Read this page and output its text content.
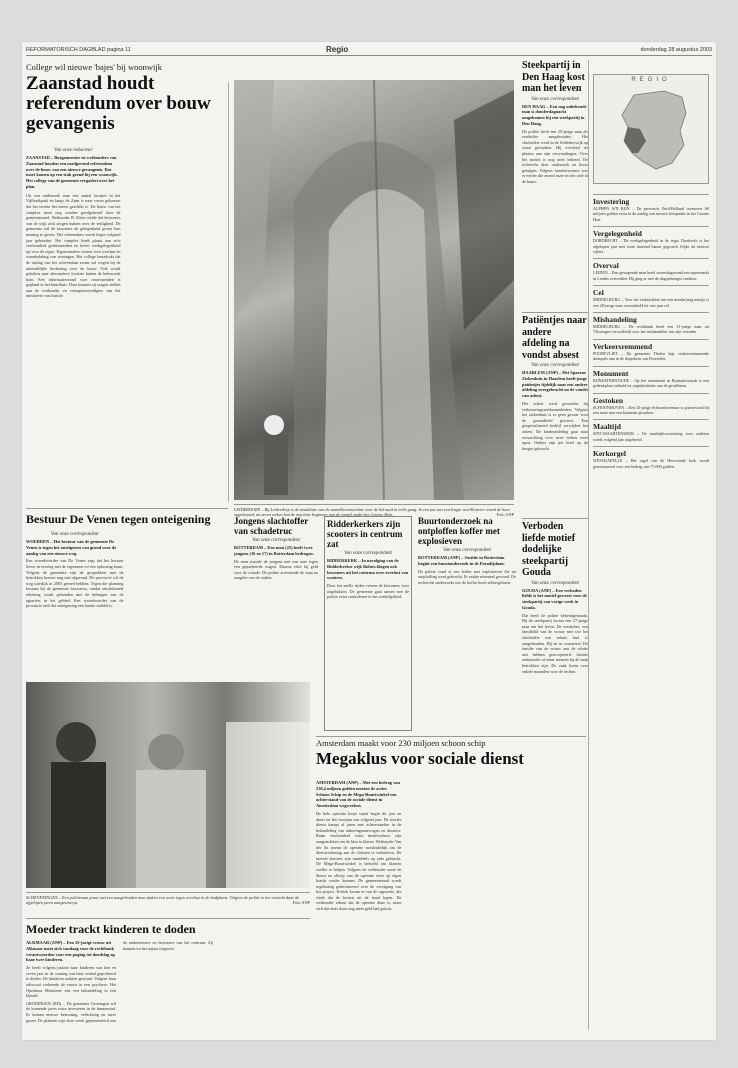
REFORMATORISCH DAGBLAD pagina 11	Regio	donderdag 28 augustus 2003
College wil nieuwe 'bajes' bij woonwijk
Zaanstad houdt referendum over bouw gevangenis
Van onze redacteur

ZAANSTAD – Burgemeester en wethouders van Zaanstad houden een raadgevend referendum over de bouw van een nieuwe gevangenis. Dat moet komen op een stuk grond bij een woonwijk. Het college van de gemeente vergadert over het plan.

Uit een onderzoek naar een aantal locaties in het Vijfhoekpark en langs de Zaan is naar voren gekomen dat het terrein het meest geschikt is. De bouw van het complex moet nog worden goedgekeurd door de gemeenteraad. Wethouder R. Klein stelde dat bewoners van de wijk zich zorgen maken over de veiligheid. De gemeente wil de inwoners de gelegenheid geven hun mening te geven. Het referendum wordt begin volgend jaar gehouden. Het complex biedt plaats aan zo'n vierhonderd gedetineerden en levert werkgelegenheid op voor de regio. Tegenstanders vrezen voor overlast en waardedaling van woningen. Het college benadrukt dat de uitslag van het referendum zwaar zal wegen bij de uiteindelijke beslissing over de bouw. Ook wordt gekeken naar alternatieve locaties buiten de bebouwde kom. Een informatieavond voor omwonenden is gepland in het buurthuis. Daar kunnen zij vragen stellen aan de wethouder en vertegenwoordigers van het ministerie van Justitie.

LEIDERDORP – Bij Leiderdorp is de installatie van de tunnelboormachine voor de hsl-zuid in volle gang. In een put met een lengte van 80 meter wordt de boor opgebouwd, na zeven weken kan de machine beginnen aan de tunnel onder het Groene Hart.	Foto ANP
Steekpartij in Den Haag kost man het leven
Van onze correspondent

DEN HAAG – Een nog onbekende man is donderdagnacht omgekomen bij een steekpartij in Den Haag.

De politie heeft een 25-jarige man als verdachte aangehouden. Het slachtoffer werd in de Schilderswijk op straat gevonden. Hij overleed ter plaatse aan zijn verwondingen. Over het motief is nog niets bekend. De recherche doet onderzoek en hoort getuigen. Volgens buurtbewoners was er eerder die avond ruzie in een café in de buurt.

Patiëntjes naar andere afdeling na vondst absest
Van onze correspondent

HAARLEM (ANP) – Het Spaarne Ziekenhuis in Haarlem heeft jonge patiëntjes tijdelijk naar een andere afdeling overgebracht na de vondst van asbest.

Het asbest werd gevonden bij verbouwingswerkzaamheden. Volgens het ziekenhuis is er geen gevaar voor de gezondheid geweest. Een gespecialiseerd bedrijf verwijdert het asbest. De kinderafdeling gaat naar verwachting over twee weken weer open. Ouders zijn per brief op de hoogte gebracht.

Verboden liefde motief dodelijke steekpartij Gouda
Van onze correspondent

GOUDA (ANP) – Een verboden liefde is het motief geweest voor de steekpartij van vorige week in Gouda.

Dat heeft de politie bekendgemaakt. Bij de steekpartij kwam een 27-jarige man om het leven. De verdachte, een familielid van de vrouw met wie het slachtoffer een relatie had, is aangehouden. Hij zit in voorarrest. De familie van de vrouw zou de relatie niet hebben geaccepteerd. Justitie onderzoekt of meer mensen bij de zaak betrokken zijn. De zaak komt over enkele maanden voor de rechter.

REGIO
Investering

ALPHEN A/D RIJN – De provincie Zuid-Holland investeert 60 miljoen gulden extra in de aanleg van nieuwe fietspaden in het Groene Hart.

Vergelegenheid

DORDRECHT – De werkgelegenheid in de regio Dordrecht is het afgelopen jaar met ruim duizend banen gegroeid, blijkt uit nieuwe cijfers.

Overval

LEIDEN – Een gewapende man heeft woensdagavond een supermarkt in Leiden overvallen. Hij ging er met de dagopbrengst vandoor.

Cel

MIDDELBURG – Voor het verkrachten van een minderjarig meisje is een 28-jarige man veroordeeld tot vier jaar cel.

Mishandeling

MIDDELBURG – De rechtbank heeft een 31-jarige man uit Vlissingen veroordeeld voor het mishandelen van zijn vriendin.

Verkeersremmend

POORTVLIET – De gemeente Tholen legt verkeersremmende drempels aan in de dorpskern van Poortvliet.

Monument

RIJNSATERWOUDE – Op het monument in Rijnsaterwoude is een gedenkplaat onthuld ter nagedachtenis aan de gevallenen.

Gestoken

SCHOONHOVEN – Een 33-jarige Schoonhovenaar is gisteravond bij een ruzie met een buurman gestoken.

Maaltijd

SINT-MAARTENSDIJK – De maaltijdvoorziening voor ouderen wordt volgend jaar uitgebreid.

Kerkorgel

WESTKAPELLE – Het orgel van de Hervormde kerk wordt gerestaureerd voor een bedrag van 75.000 gulden.

Bestuur De Venen tegen onteigening
Van onze correspondent

WOERDEN – Het bestuur van de gemeente De Venen is tegen het onteigenen van grond voor de aanleg van een nieuwe weg.

Een woordvoerder van De Venen zegt dat het bestuur liever in overleg met de eigenaren tot een oplossing komt. Volgens de gemeente zijn de gesprekken met de betrokken boeren nog niet afgerond. De provincie wil de weg uiterlijk in 2005 gereed hebben. Tegen die planning bestaan bij de gemeente bezwaren, omdat onvoldoende rekening wordt gehouden met de belangen van de agrariërs in het gebied. Een woordvoerder van de provincie stelt dat onteigening een laatste middel is.

Jongens slachtoffer van schadetruc
Van onze correspondent

ROTTERDAM – Een man (25) heeft twee jongens (16 en 17) in Rotterdam bedrogen.

De man stuurde de jongens met een auto tegen een geparkeerde wagen. Daarna eiste hij geld voor de schade. De politie arresteerde de man na aangifte van de ouders.

Ridderkerkers zijn scooters in centrum zat
Van onze correspondent

RIDDERKERK – In navolging van de Ridderkerkse wijk Bolnes klagen ook bewoners uit het centrum over overlast van scooters.

Door het snelle rijden vrezen de bewoners voor ongelukken. De gemeente gaat samen met de politie extra controleren in het winkelgebied.

Buurtonderzoek na ontploffen koffer met explosieven
Van onze correspondent

ROTTERDAM (ANP) – Justitie in Rotterdam begint een buurtonderzoek in de Paradijslaan.

De politie vond er een koffer met explosieven die tot ontploffing werd gebracht. Er raakte niemand gewond. De recherche onderzoekt wie de koffer heeft achtergelaten.

SCHEVENINGEN – Een politieman praat met een aangehouden man tijdens een actie tegen overlast in de badplaats. Volgens de politie is het toezicht daar de afgelopen jaren aangescherpt.	Foto ANP
Amsterdam maakt voor 230 miljoen schoon schip
Megaklus voor sociale dienst

AMSTERDAM (ANP) – Met een bedrag van 230,4 miljoen gulden moeten de acties Schoon Schip en de Mega-Buurtwinkel een achterstand van de sociale dienst in Amsterdam wegwerken.

De hele operatie loopt vanaf begin dit jaar en duurt tot het voorjaar van volgend jaar. De sociale dienst kampt al jaren met achterstanden in de behandeling van uitkeringsaanvragen en dossiers. Ruim vierhonderd extra medewerkers zijn aangetrokken om de klus te klaren. Wethouder Van der Aa noemt de operatie noodzakelijk om de dienstverlening aan de cliënten te verbeteren. De meeste dossiers zijn inmiddels op orde gebracht. De Mega-Buurtwinkel is bedoeld om klanten sneller te helpen. Volgens de wethouder moet de dienst na afloop van de operatie weer op eigen kracht verder kunnen. De gemeenteraad wordt regelmatig geïnformeerd over de voortgang van het project. Kritiek kwam er van de oppositie, die vindt dat de kosten uit de hand lopen. De wethouder erkent dat de operatie duur is, maar stelt dat niets doen nog meer geld had gekost.

Moeder trackt kinderen te doden

ALKMAAR (ANP) – Een 35-jarige vrouw uit Alkmaar moet zich vandaag voor de rechtbank verantwoorden voor een poging tot doodslag op haar twee kinderen.

Ze heeft volgens justitie haar kinderen van tien en zeven jaar in de woning van haar vriend geprobeerd te doden. De kinderen raakten gewond. Volgens haar advocaat verkeerde de vrouw in een psychose. Het Openbaar Ministerie eist een behandeling in een kliniek.

GRONINGEN (RD) – De gemeente Groningen wil de komende jaren extra investeren in de binnenstad. Er komen nieuwe bestrating, verlichting en meer groen. De plannen zijn deze week gepresenteerd aan de ondernemers en bewoners van het centrum. Zij kunnen tot het najaar reageren.
